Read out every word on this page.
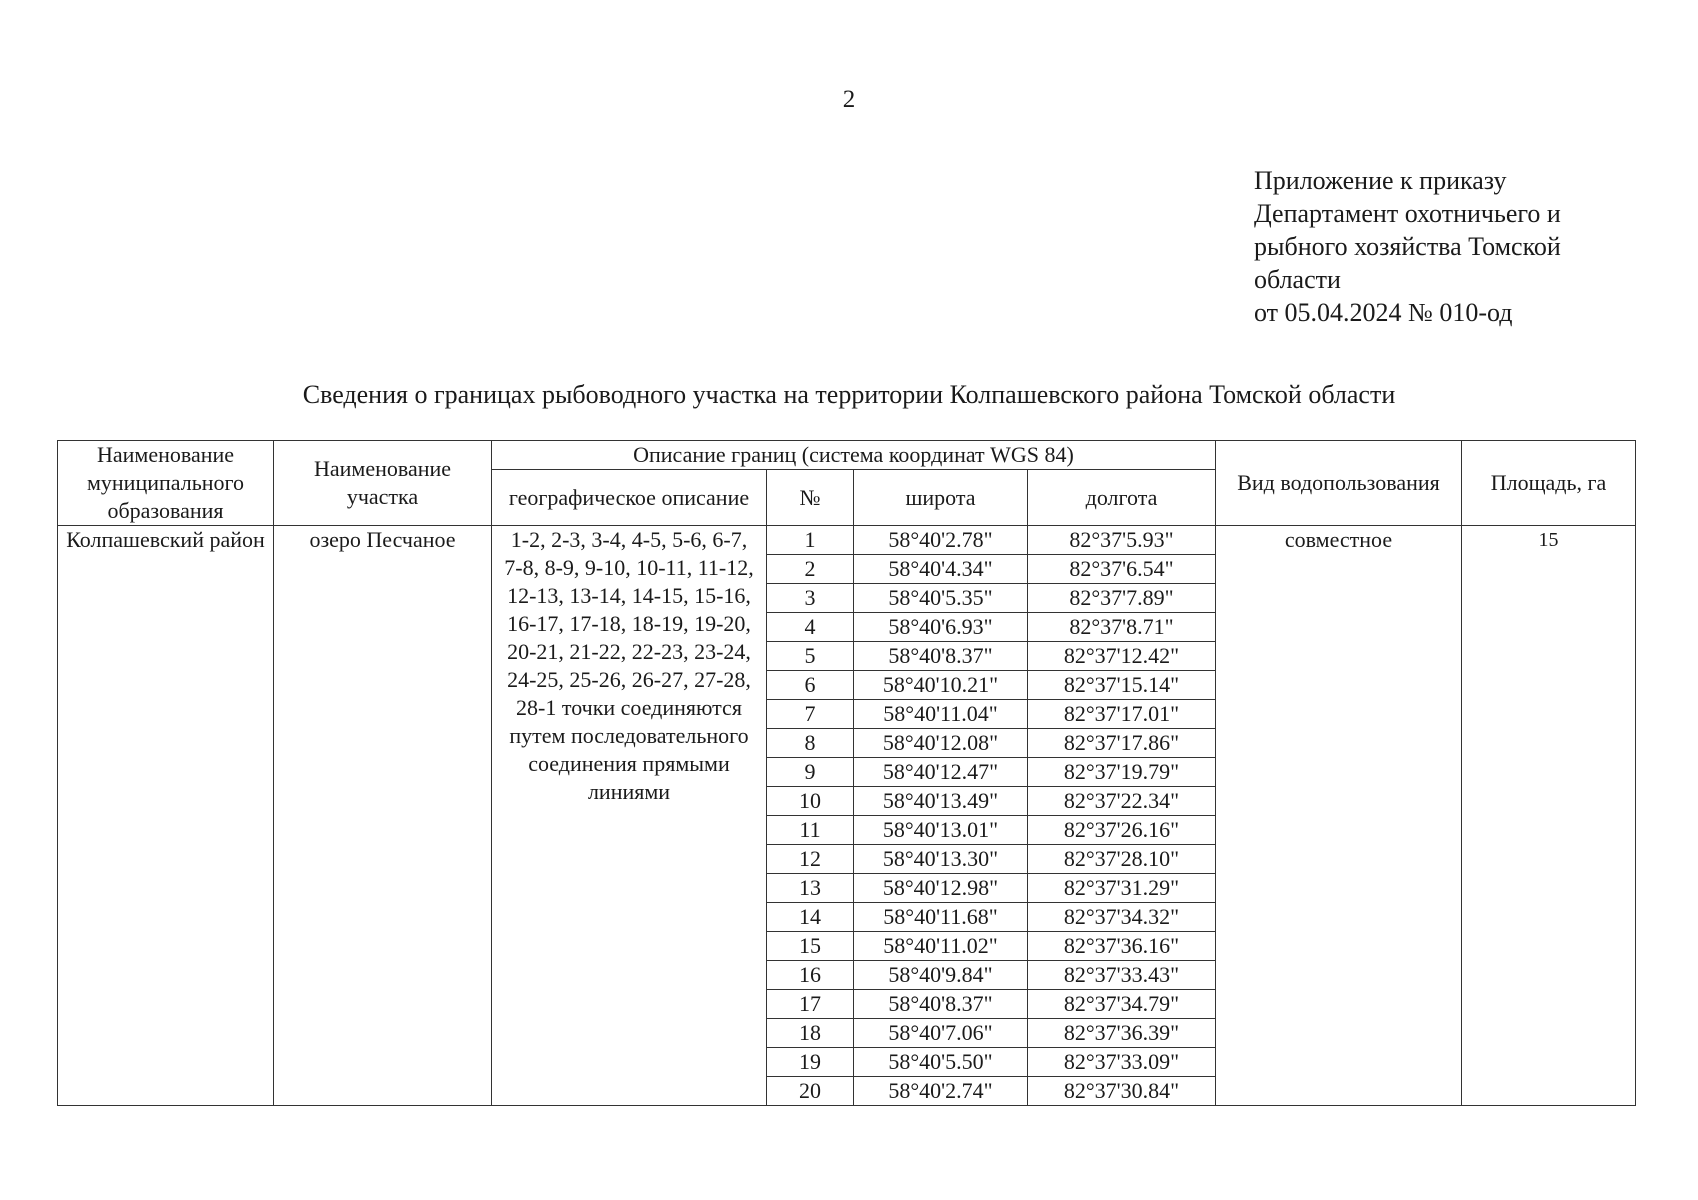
2
Приложение к приказу
Департамент охотничьего и
рыбного хозяйства Томской
области
от 05.04.2024 № 010-од
Сведения о границах рыбоводного участка на территории Колпашевского района Томской области
Наименование муниципального образования	Наименование участка	Описание границ (система координат WGS 84)				Вид водопользования	Площадь, га
		географическое описание	№	широта	долгота		
Колпашевский район	озеро Песчаное	1-2, 2-3, 3-4, 4-5, 5-6, 6-7, 7-8, 8-9, 9-10, 10-11, 11-12, 12-13, 13-14, 14-15, 15-16, 16-17, 17-18, 18-19, 19-20, 20-21, 21-22, 22-23, 23-24, 24-25, 25-26, 26-27, 27-28, 28-1 точки соединяются путем последовательного соединения прямыми линиями	1	58°40'2.78"	82°37'5.93"	совместное	15
			2	58°40'4.34"	82°37'6.54"		
			3	58°40'5.35"	82°37'7.89"		
			4	58°40'6.93"	82°37'8.71"		
			5	58°40'8.37"	82°37'12.42"		
			6	58°40'10.21"	82°37'15.14"		
			7	58°40'11.04"	82°37'17.01"		
			8	58°40'12.08"	82°37'17.86"		
			9	58°40'12.47"	82°37'19.79"		
			10	58°40'13.49"	82°37'22.34"		
			11	58°40'13.01"	82°37'26.16"		
			12	58°40'13.30"	82°37'28.10"		
			13	58°40'12.98"	82°37'31.29"		
			14	58°40'11.68"	82°37'34.32"		
			15	58°40'11.02"	82°37'36.16"		
			16	58°40'9.84"	82°37'33.43"		
			17	58°40'8.37"	82°37'34.79"		
			18	58°40'7.06"	82°37'36.39"		
			19	58°40'5.50"	82°37'33.09"		
			20	58°40'2.74"	82°37'30.84"		
